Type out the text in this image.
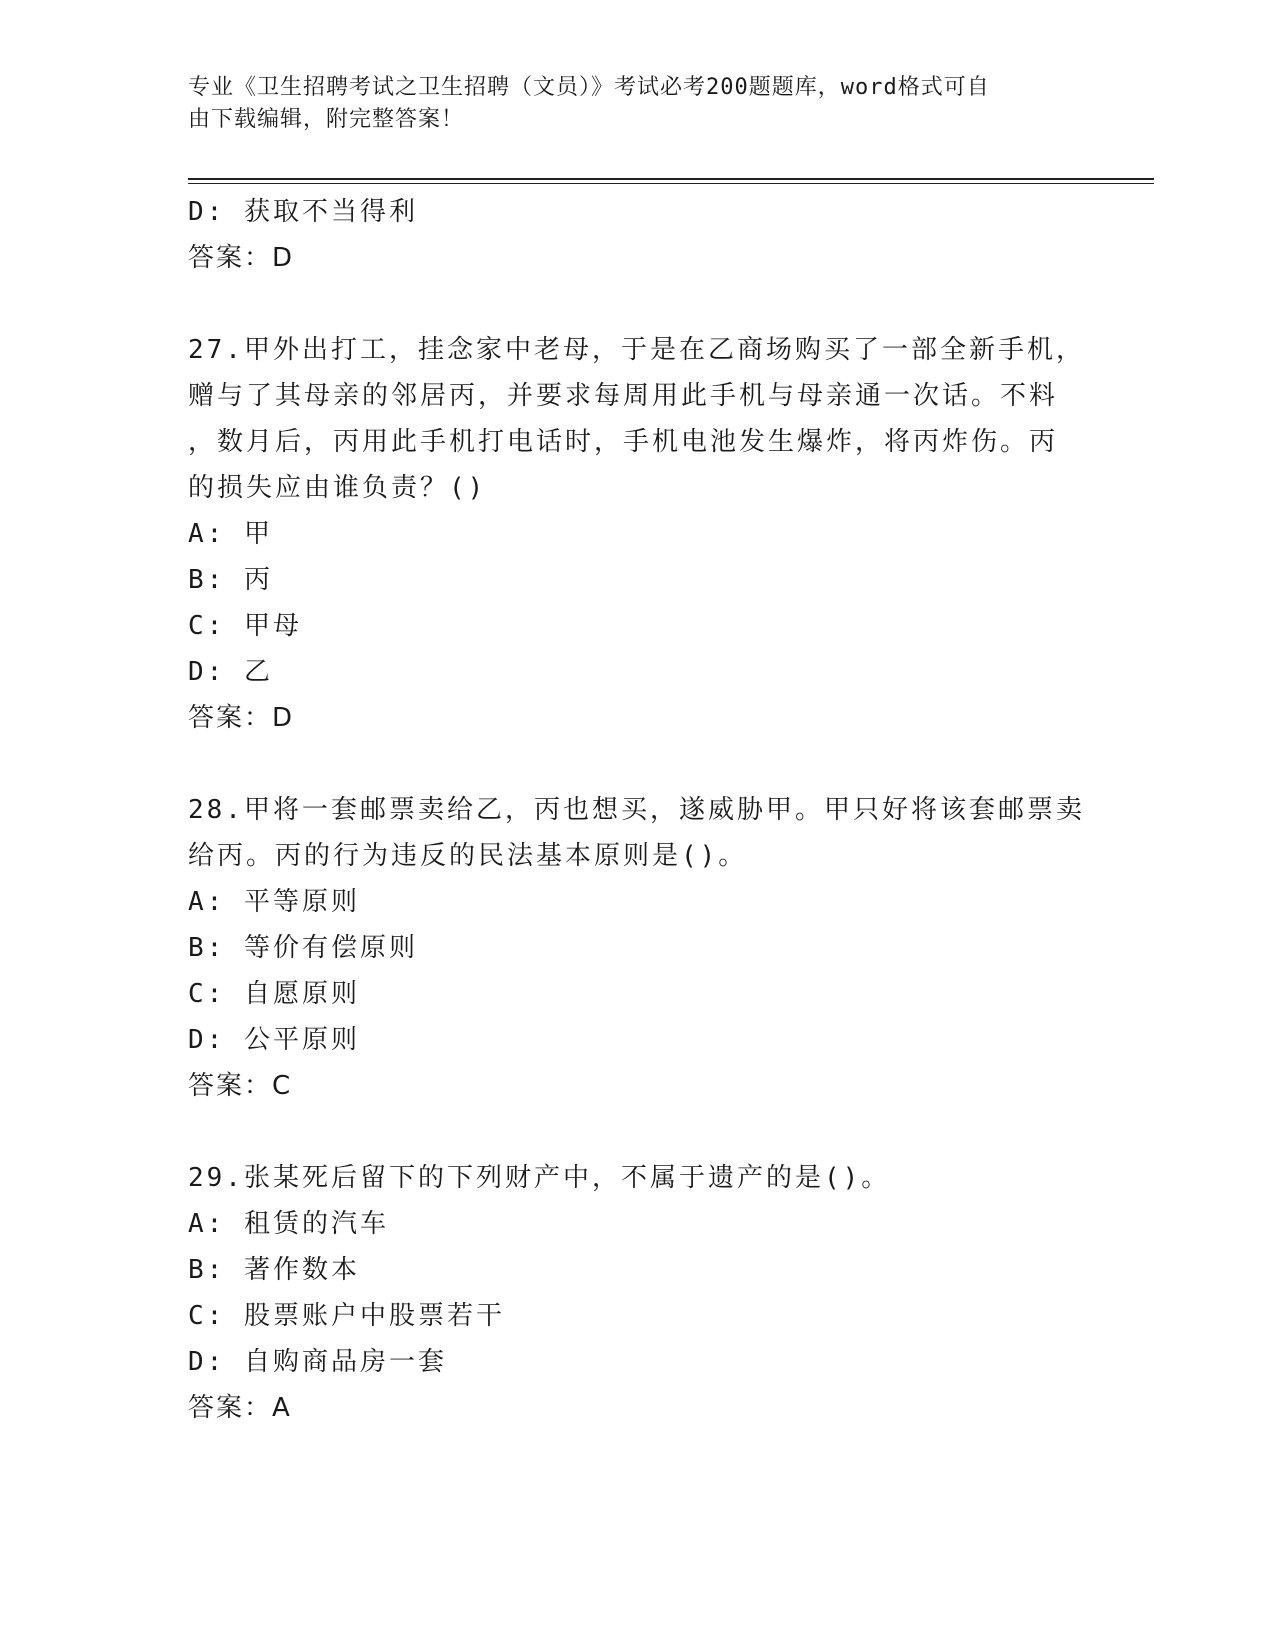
专业《卫生招聘考试之卫生招聘（文员）》考试必考200题题库，word格式可自
由下载编辑，附完整答案！
D: 获取不当得利
答案：D
27.甲外出打工，挂念家中老母，于是在乙商场购买了一部全新手机，
赠与了其母亲的邻居丙，并要求每周用此手机与母亲通一次话。不料
，数月后，丙用此手机打电话时，手机电池发生爆炸，将丙炸伤。丙
的损失应由谁负责？()
A: 甲
B: 丙
C: 甲母
D: 乙
答案：D
28.甲将一套邮票卖给乙，丙也想买，遂威胁甲。甲只好将该套邮票卖
给丙。丙的行为违反的民法基本原则是()。
A: 平等原则
B: 等价有偿原则
C: 自愿原则
D: 公平原则
答案：C
29.张某死后留下的下列财产中，不属于遗产的是()。
A: 租赁的汽车
B: 著作数本
C: 股票账户中股票若干
D: 自购商品房一套
答案：A
